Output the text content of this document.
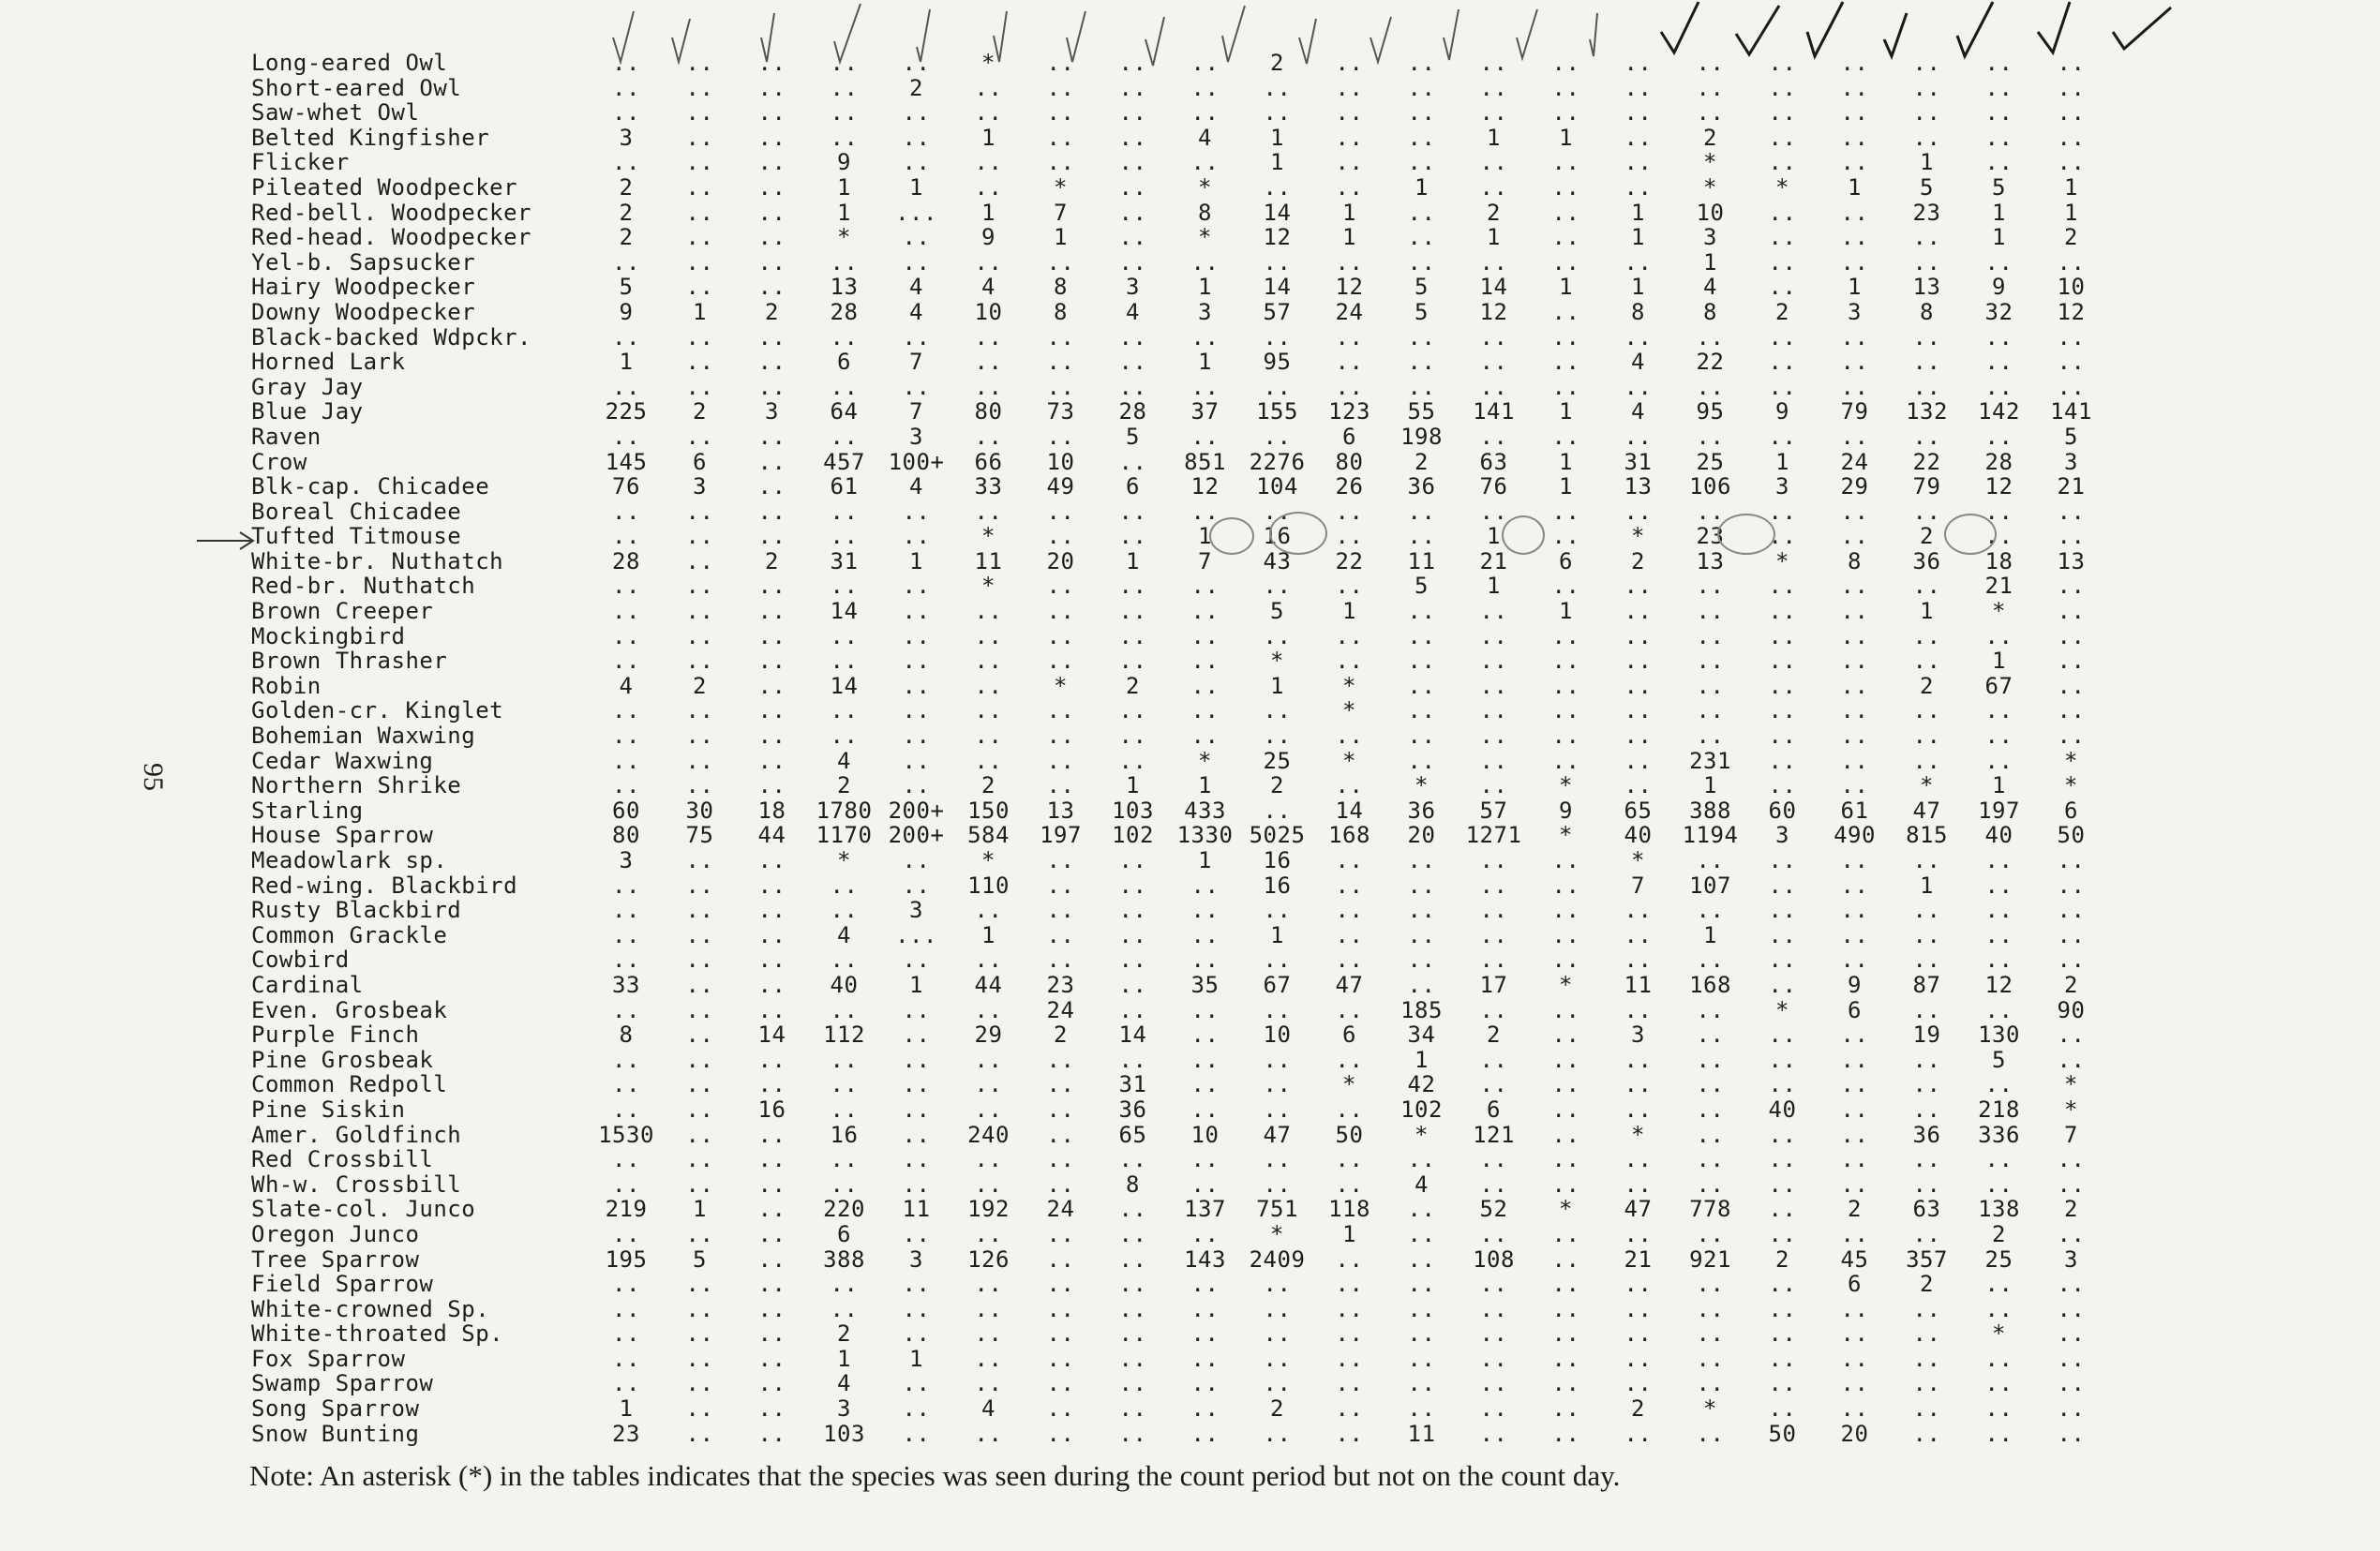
95
Long-eared Owl	..	..	..	..	..	*	..	..	..	2	..	..	..	..	..	..	..	..	..	..	..
Short-eared Owl	..	..	..	..	2	..	..	..	..	..	..	..	..	..	..	..	..	..	..	..	..
Saw-whet Owl	..	..	..	..	..	..	..	..	..	..	..	..	..	..	..	..	..	..	..	..	..
Belted Kingfisher	3	..	..	..	..	1	..	..	4	1	..	..	1	1	..	2	..	..	..	..	..
Flicker	..	..	..	9	..	..	..	..	..	1	..	..	..	..	..	*	..	..	1	..	..
Pileated Woodpecker	2	..	..	1	1	..	*	..	*	..	..	1	..	..	..	*	*	1	5	5	1
Red-bell. Woodpecker	2	..	..	1	...	1	7	..	8	14	1	..	2	..	1	10	..	..	23	1	1
Red-head. Woodpecker	2	..	..	*	..	9	1	..	*	12	1	..	1	..	1	3	..	..	..	1	2
Yel-b. Sapsucker	..	..	..	..	..	..	..	..	..	..	..	..	..	..	..	1	..	..	..	..	..
Hairy Woodpecker	5	..	..	13	4	4	8	3	1	14	12	5	14	1	1	4	..	1	13	9	10
Downy Woodpecker	9	1	2	28	4	10	8	4	3	57	24	5	12	..	8	8	2	3	8	32	12
Black-backed Wdpckr.	..	..	..	..	..	..	..	..	..	..	..	..	..	..	..	..	..	..	..	..	..
Horned Lark	1	..	..	6	7	..	..	..	1	95	..	..	..	..	4	22	..	..	..	..	..
Gray Jay	..	..	..	..	..	..	..	..	..	..	..	..	..	..	..	..	..	..	..	..	..
Blue Jay	225	2	3	64	7	80	73	28	37	155	123	55	141	1	4	95	9	79	132	142	141
Raven	..	..	..	..	3	..	..	5	..	..	6	198	..	..	..	..	..	..	..	..	5
Crow	145	6	..	457	100+	66	10	..	851	2276	80	2	63	1	31	25	1	24	22	28	3
Blk-cap. Chicadee	76	3	..	61	4	33	49	6	12	104	26	36	76	1	13	106	3	29	79	12	21
Boreal Chicadee	..	..	..	..	..	..	..	..	..	..	..	..	..	..	..	..	..	..	..	..	..
Tufted Titmouse	..	..	..	..	..	*	..	..	1	16	..	..	1	..	*	23	..	..	2	..	..
White-br. Nuthatch	28	..	2	31	1	11	20	1	7	43	22	11	21	6	2	13	*	8	36	18	13
Red-br. Nuthatch	..	..	..	..	..	*	..	..	..	..	..	5	1	..	..	..	..	..	..	21	..
Brown Creeper	..	..	..	14	..	..	..	..	..	5	1	..	..	1	..	..	..	..	1	*	..
Mockingbird	..	..	..	..	..	..	..	..	..	..	..	..	..	..	..	..	..	..	..	..	..
Brown Thrasher	..	..	..	..	..	..	..	..	..	*	..	..	..	..	..	..	..	..	..	1	..
Robin	4	2	..	14	..	..	*	2	..	1	*	..	..	..	..	..	..	..	2	67	..
Golden-cr. Kinglet	..	..	..	..	..	..	..	..	..	..	*	..	..	..	..	..	..	..	..	..	..
Bohemian Waxwing	..	..	..	..	..	..	..	..	..	..	..	..	..	..	..	..	..	..	..	..	..
Cedar Waxwing	..	..	..	4	..	..	..	..	*	25	*	..	..	..	..	231	..	..	..	..	*
Northern Shrike	..	..	..	2	..	2	..	1	1	2	..	*	..	*	..	1	..	..	*	1	*
Starling	60	30	18	1780	200+	150	13	103	433	..	14	36	57	9	65	388	60	61	47	197	6
House Sparrow	80	75	44	1170	200+	584	197	102	1330	5025	168	20	1271	*	40	1194	3	490	815	40	50
Meadowlark sp.	3	..	..	*	..	*	..	..	1	16	..	..	..	..	*	..	..	..	..	..	..
Red-wing. Blackbird	..	..	..	..	..	110	..	..	..	16	..	..	..	..	7	107	..	..	1	..	..
Rusty Blackbird	..	..	..	..	3	..	..	..	..	..	..	..	..	..	..	..	..	..	..	..	..
Common Grackle	..	..	..	4	...	1	..	..	..	1	..	..	..	..	..	1	..	..	..	..	..
Cowbird	..	..	..	..	..	..	..	..	..	..	..	..	..	..	..	..	..	..	..	..	..
Cardinal	33	..	..	40	1	44	23	..	35	67	47	..	17	*	11	168	..	9	87	12	2
Even. Grosbeak	..	..	..	..	..	..	24	..	..	..	..	185	..	..	..	..	*	6	..	..	90
Purple Finch	8	..	14	112	..	29	2	14	..	10	6	34	2	..	3	..	..	..	19	130	..
Pine Grosbeak	..	..	..	..	..	..	..	..	..	..	..	1	..	..	..	..	..	..	..	5	..
Common Redpoll	..	..	..	..	..	..	..	31	..	..	*	42	..	..	..	..	..	..	..	..	*
Pine Siskin	..	..	16	..	..	..	..	36	..	..	..	102	6	..	..	..	40	..	..	218	*
Amer. Goldfinch	1530	..	..	16	..	240	..	65	10	47	50	*	121	..	*	..	..	..	36	336	7
Red Crossbill	..	..	..	..	..	..	..	..	..	..	..	..	..	..	..	..	..	..	..	..	..
Wh-w. Crossbill	..	..	..	..	..	..	..	8	..	..	..	4	..	..	..	..	..	..	..	..	..
Slate-col. Junco	219	1	..	220	11	192	24	..	137	751	118	..	52	*	47	778	..	2	63	138	2
Oregon Junco	..	..	..	6	..	..	..	..	..	*	1	..	..	..	..	..	..	..	..	2	..
Tree Sparrow	195	5	..	388	3	126	..	..	143	2409	..	..	108	..	21	921	2	45	357	25	3
Field Sparrow	..	..	..	..	..	..	..	..	..	..	..	..	..	..	..	..	..	6	2	..	..
White-crowned Sp.	..	..	..	..	..	..	..	..	..	..	..	..	..	..	..	..	..	..	..	..	..
White-throated Sp.	..	..	..	2	..	..	..	..	..	..	..	..	..	..	..	..	..	..	..	*	..
Fox Sparrow	..	..	..	1	1	..	..	..	..	..	..	..	..	..	..	..	..	..	..	..	..
Swamp Sparrow	..	..	..	4	..	..	..	..	..	..	..	..	..	..	..	..	..	..	..	..	..
Song Sparrow	1	..	..	3	..	4	..	..	..	2	..	..	..	..	2	*	..	..	..	..	..
Snow Bunting	23	..	..	103	..	..	..	..	..	..	..	11	..	..	..	..	50	20	..	..	..
Note: An asterisk (*) in the tables indicates that the species was seen during the count period but not on the count day.
